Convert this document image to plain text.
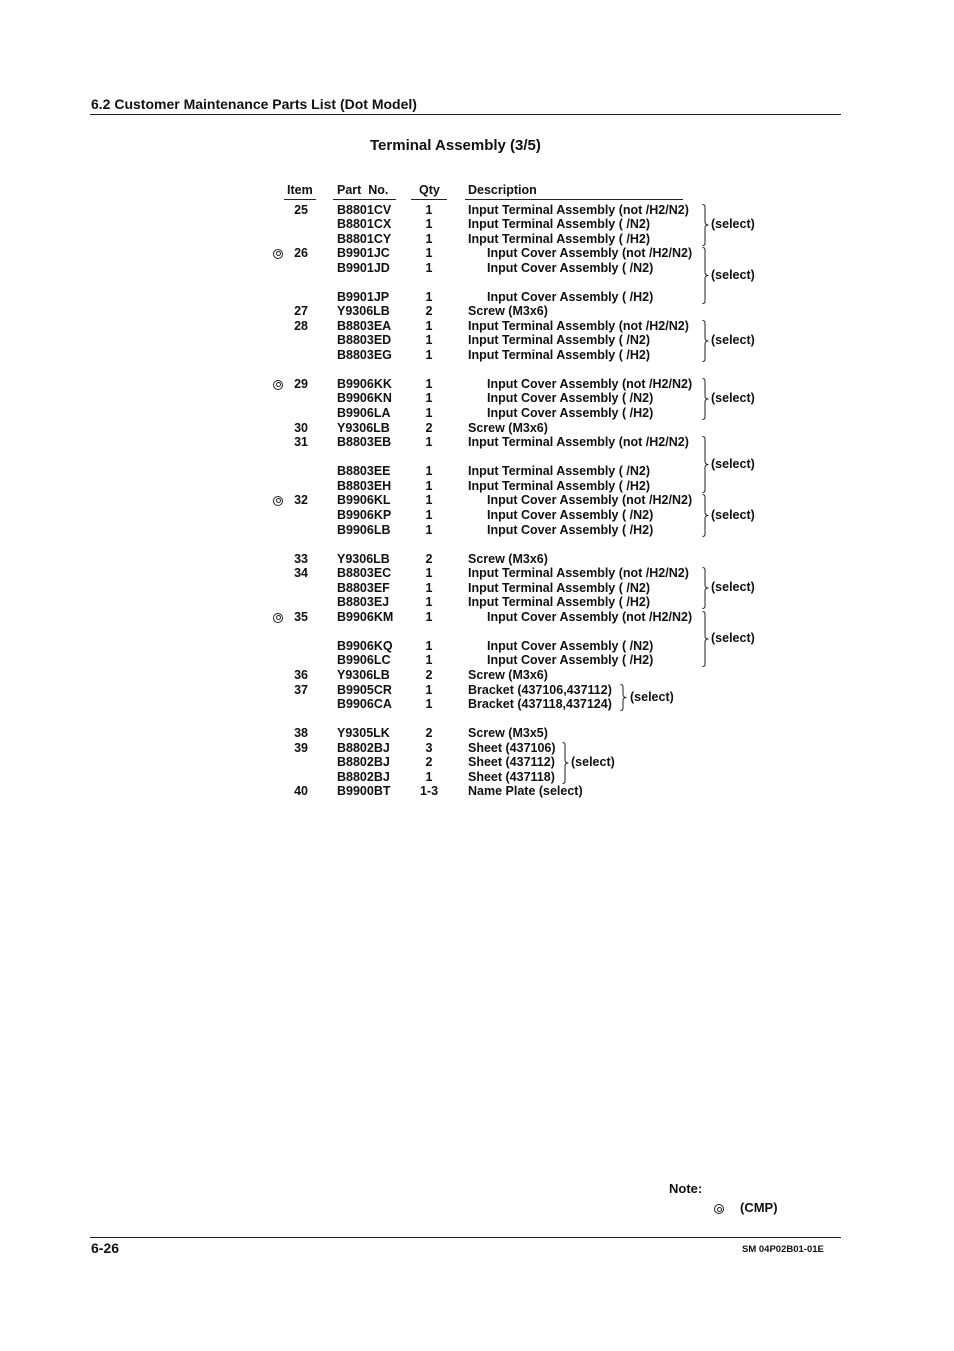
6.2 Customer Maintenance Parts List (Dot Model)
Terminal Assembly (3/5)
Item Part  No. Qty Description
25 B8801CV	1	Input Terminal Assembly (not /H2/N2)
B8801CX	1	Input Terminal Assembly ( /N2)
B8801CY	1	Input Terminal Assembly ( /H2)
26 B9901JC	1	Input Cover Assembly (not /H2/N2)
B9901JD	1	Input Cover Assembly ( /N2)
B9901JP	1	Input Cover Assembly ( /H2)
27 Y9306LB	2	Screw (M3x6)
28 B8803EA	1	Input Terminal Assembly (not /H2/N2)
B8803ED	1	Input Terminal Assembly ( /N2)
B8803EG	1	Input Terminal Assembly ( /H2)
29 B9906KK	1	Input Cover Assembly (not /H2/N2)
B9906KN	1	Input Cover Assembly ( /N2)
B9906LA	1	Input Cover Assembly ( /H2)
30 Y9306LB	2	Screw (M3x6)
31 B8803EB	1	Input Terminal Assembly (not /H2/N2)
B8803EE	1	Input Terminal Assembly ( /N2)
B8803EH	1	Input Terminal Assembly ( /H2)
32 B9906KL	1	Input Cover Assembly (not /H2/N2)
B9906KP	1	Input Cover Assembly ( /N2)
B9906LB	1	Input Cover Assembly ( /H2)
33 Y9306LB	2	Screw (M3x6)
34 B8803EC	1	Input Terminal Assembly (not /H2/N2)
B8803EF	1	Input Terminal Assembly ( /N2)
B8803EJ	1	Input Terminal Assembly ( /H2)
35 B9906KM	1	Input Cover Assembly (not /H2/N2)
B9906KQ	1	Input Cover Assembly ( /N2)
B9906LC	1	Input Cover Assembly ( /H2)
36 Y9306LB	2	Screw (M3x6)
37 B9905CR	1	Bracket (437106,437112)
B9906CA	1	Bracket (437118,437124)
38 Y9305LK	2	Screw (M3x5)
39 B8802BJ	3	Sheet (437106)
B8802BJ	2	Sheet (437112)
B8802BJ	1	Sheet (437118)
40 B9900BT	1-3	Name Plate (select)
(select)
(select)
(select)
(select)
(select)
(select)
(select)
(select)
(select)
(select)
Note:
(CMP)
6-26	SM 04P02B01-01E
